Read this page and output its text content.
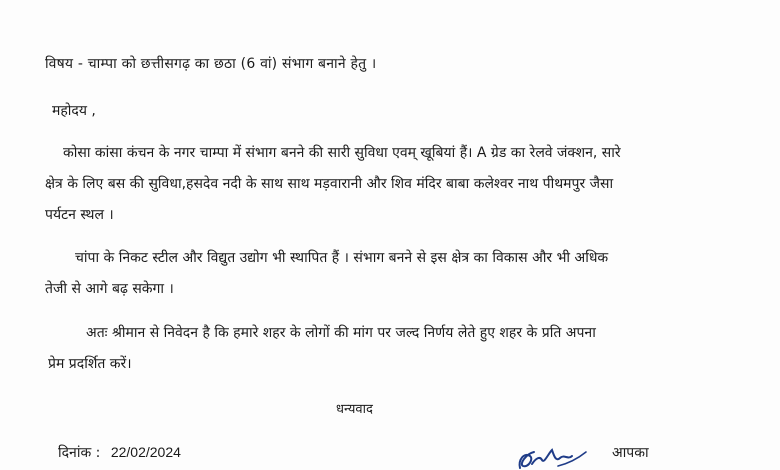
विषय - चाम्पा को छत्तीसगढ़ का छठा (6 वां) संभाग बनाने हेतु ।
महोदय ,
कोसा कांसा कंचन के नगर चाम्पा में संभाग बनने की सारी सुविधा एवम् खूबियां हैं। A ग्रेड का रेलवे जंक्शन, सारे
क्षेत्र के लिए बस की सुविधा,हसदेव नदी के साथ साथ मड़वारानी और शिव मंदिर बाबा कलेश्वर नाथ पीथमपुर जैसा
पर्यटन स्थल ।
चांपा के निकट स्टील और विद्युत उद्योग भी स्थापित हैं । संभाग बनने से इस क्षेत्र का विकास और भी अधिक
तेजी से आगे बढ़ सकेगा ।
अतः श्रीमान से निवेदन है कि हमारे शहर के लोगों की मांग पर जल्द निर्णय लेते हुए शहर के प्रति अपना
प्रेम प्रदर्शित करें।
धन्यवाद
दिनांक : 22/02/2024	आपका
